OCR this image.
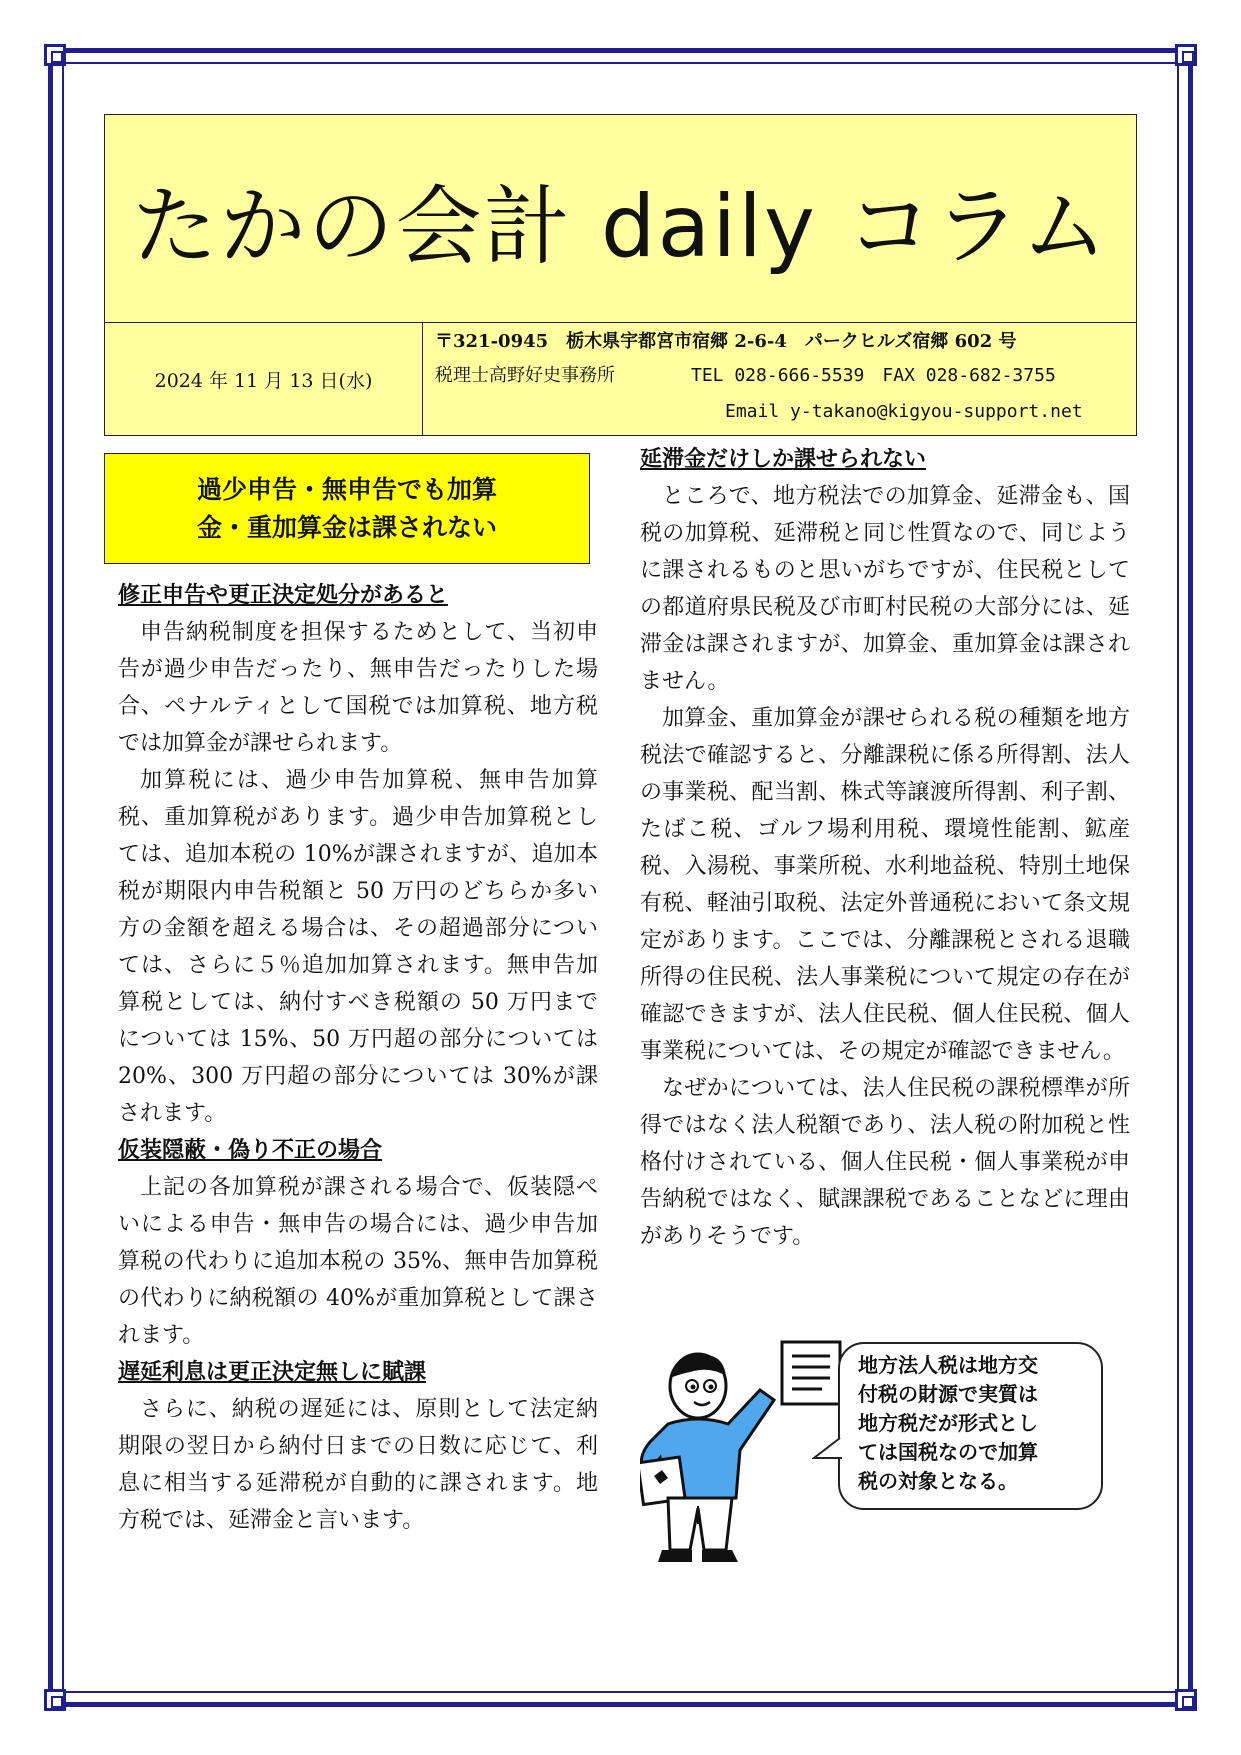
たかの会計 daily コラム
2024 年 11 月 13 日(水)
〒321-0945　栃木県宇都宮市宿郷 2-6-4　パークヒルズ宿郷 602 号
税理士高野好史事務所	TEL 028-666-5539　FAX 028-682-3755
Email y-takano@kigyou-support.net
過少申告・無申告でも加算
金・重加算金は課されない
修正申告や更正決定処分があると

申告納税制度を担保するためとして、当初申告が過少申告だったり、無申告だったりした場合、ペナルティとして国税では加算税、地方税では加算金が課せられます。

加算税には、過少申告加算税、無申告加算税、重加算税があります。過少申告加算税としては、追加本税の 10%が課されますが、追加本税が期限内申告税額と 50 万円のどちらか多い方の金額を超える場合は、その超過部分については、さらに５％追加加算されます。無申告加算税としては、納付すべき税額の 50 万円までについては 15%、50 万円超の部分については 20%、300 万円超の部分については 30%が課されます。

仮装隠蔽・偽り不正の場合

上記の各加算税が課される場合で、仮装隠ぺいによる申告・無申告の場合には、過少申告加算税の代わりに追加本税の 35%、無申告加算税の代わりに納税額の 40%が重加算税として課されます。

遅延利息は更正決定無しに賦課

さらに、納税の遅延には、原則として法定納期限の翌日から納付日までの日数に応じて、利息に相当する延滞税が自動的に課されます。地方税では、延滞金と言います。

延滞金だけしか課せられない

ところで、地方税法での加算金、延滞金も、国税の加算税、延滞税と同じ性質なので、同じように課されるものと思いがちですが、住民税としての都道府県民税及び市町村民税の大部分には、延滞金は課されますが、加算金、重加算金は課されません。

加算金、重加算金が課せられる税の種類を地方税法で確認すると、分離課税に係る所得割、法人の事業税、配当割、株式等譲渡所得割、利子割、たばこ税、ゴルフ場利用税、環境性能割、鉱産税、入湯税、事業所税、水利地益税、特別土地保有税、軽油引取税、法定外普通税において条文規定があります。ここでは、分離課税とされる退職所得の住民税、法人事業税について規定の存在が確認できますが、法人住民税、個人住民税、個人事業税については、その規定が確認できません。

なぜかについては、法人住民税の課税標準が所得ではなく法人税額であり、法人税の附加税と性格付けされている、個人住民税・個人事業税が申告納税ではなく、賦課課税であることなどに理由がありそうです。

地方法人税は地方交
付税の財源で実質は
地方税だが形式とし
ては国税なので加算
税の対象となる。
